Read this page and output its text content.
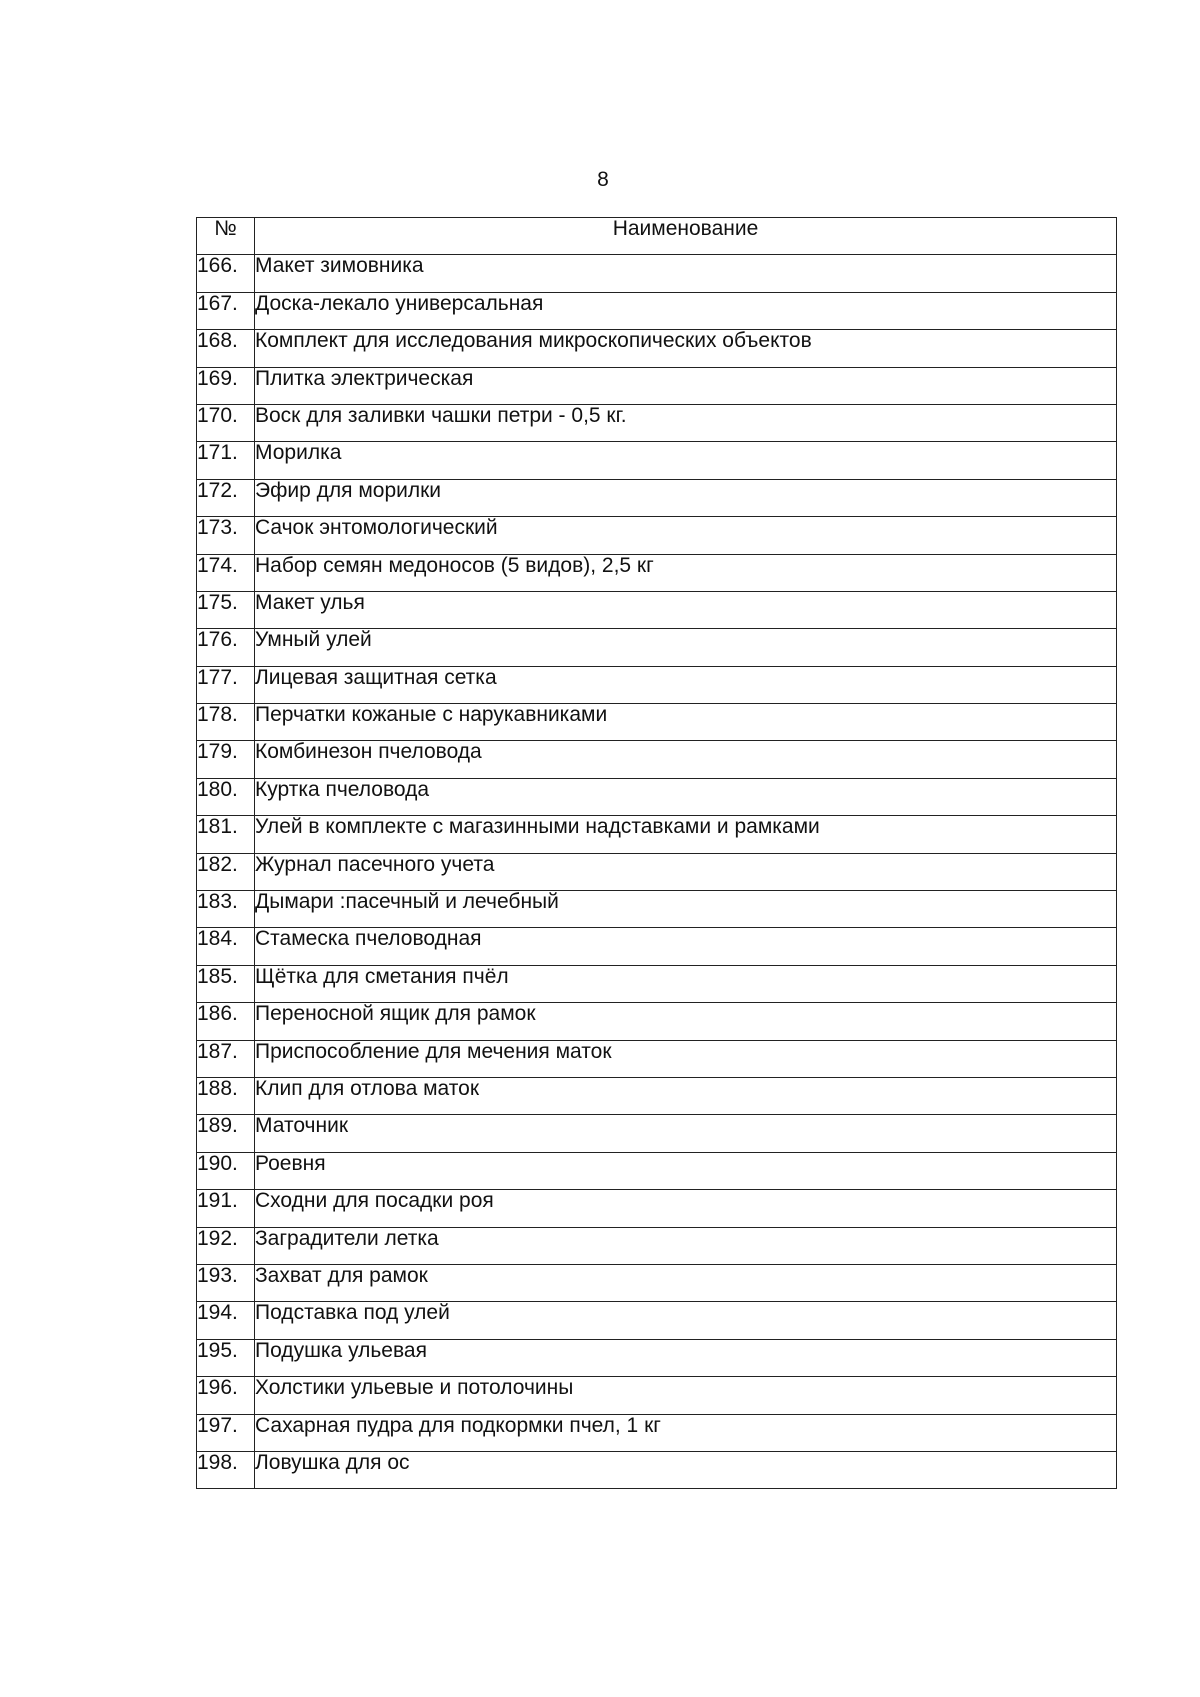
8
№	Наименование
166.	Макет зимовника
167.	Доска-лекало универсальная
168.	Комплект для исследования микроскопических объектов
169.	Плитка электрическая
170.	Воск для заливки чашки петри - 0,5 кг.
171.	Морилка
172.	Эфир для морилки
173.	Сачок энтомологический
174.	Набор семян медоносов (5 видов), 2,5 кг
175.	Макет улья
176.	Умный улей
177.	Лицевая защитная сетка
178.	Перчатки кожаные с нарукавниками
179.	Комбинезон пчеловода
180.	Куртка пчеловода
181.	Улей в комплекте с магазинными надставками и рамками
182.	Журнал пасечного учета
183.	Дымари :пасечный и лечебный
184.	Стамеска пчеловодная
185.	Щётка для сметания пчёл
186.	Переносной ящик для рамок
187.	Приспособление для мечения маток
188.	Клип для отлова маток
189.	Маточник
190.	Роевня
191.	Сходни для посадки роя
192.	Заградители летка
193.	Захват для рамок
194.	Подставка под улей
195.	Подушка ульевая
196.	Холстики ульевые и потолочины
197.	Сахарная пудра для подкормки пчел, 1 кг
198.	Ловушка для ос
